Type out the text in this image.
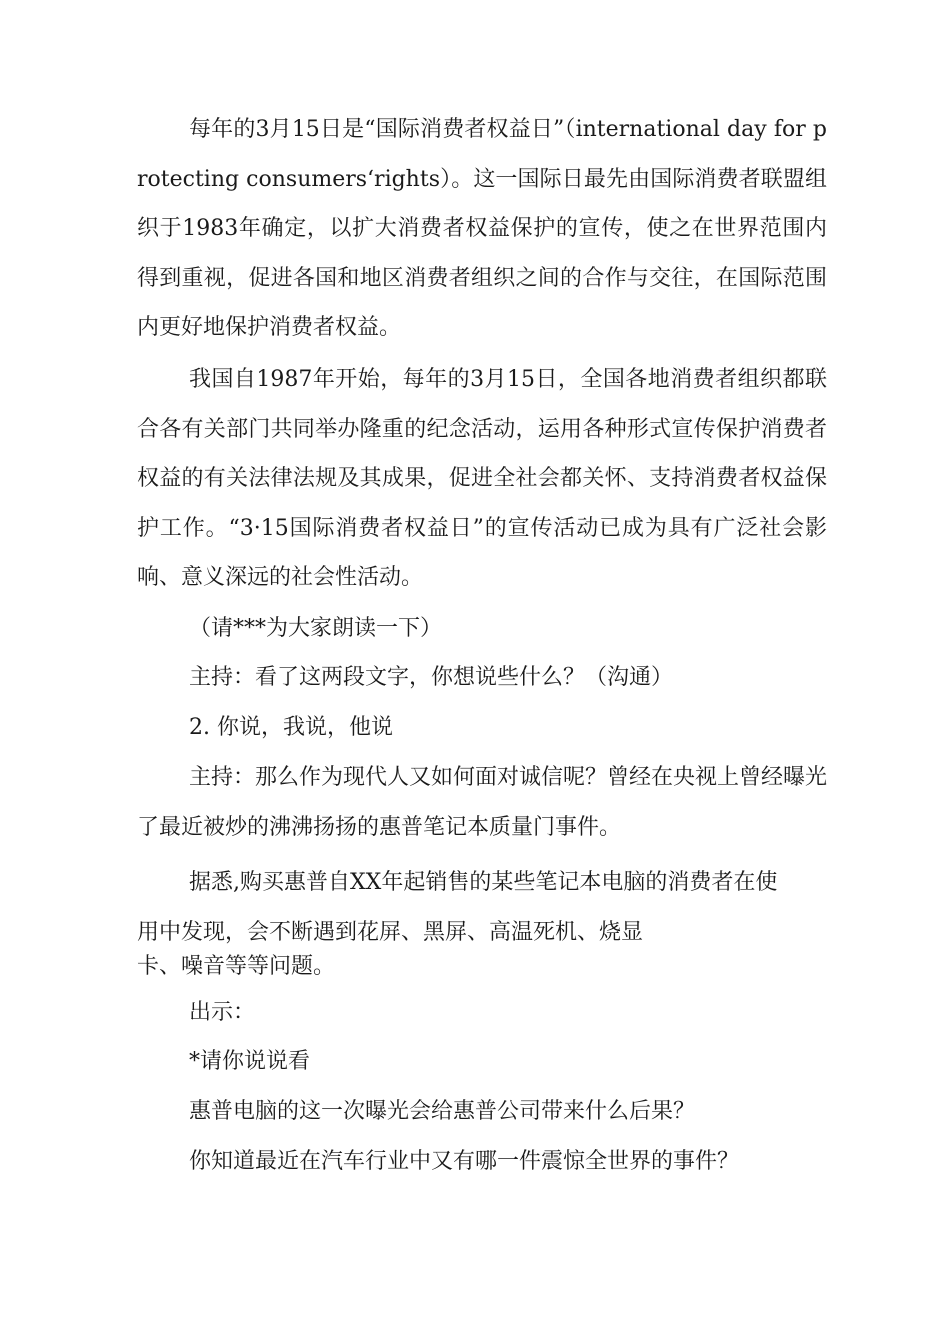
每年的3月15日是“国际消费者权益日”（international day for protecting consumers‘rights）。这一国际日最先由国际消费者联盟组织于1983年确定，以扩大消费者权益保护的宣传，使之在世界范围内得到重视，促进各国和地区消费者组织之间的合作与交往，在国际范围内更好地保护消费者权益。

我国自1987年开始，每年的3月15日，全国各地消费者组织都联合各有关部门共同举办隆重的纪念活动，运用各种形式宣传保护消费者权益的有关法律法规及其成果，促进全社会都关怀、支持消费者权益保护工作。“3·15国际消费者权益日”的宣传活动已成为具有广泛社会影响、意义深远的社会性活动。

（请***为大家朗读一下）
主持：看了这两段文字，你想说些什么？（沟通）
2. 你说，我说，他说

主持：那么作为现代人又如何面对诚信呢？曾经在央视上曾经曝光了最近被炒的沸沸扬扬的惠普笔记本质量门事件。

据悉,购买惠普自XX年起销售的某些笔记本电脑的消费者在使
用中发现，会不断遇到花屏、黑屏、高温死机、烧显
卡、噪音等等问题。
出示：
*请你说说看
惠普电脑的这一次曝光会给惠普公司带来什么后果？
你知道最近在汽车行业中又有哪一件震惊全世界的事件？
